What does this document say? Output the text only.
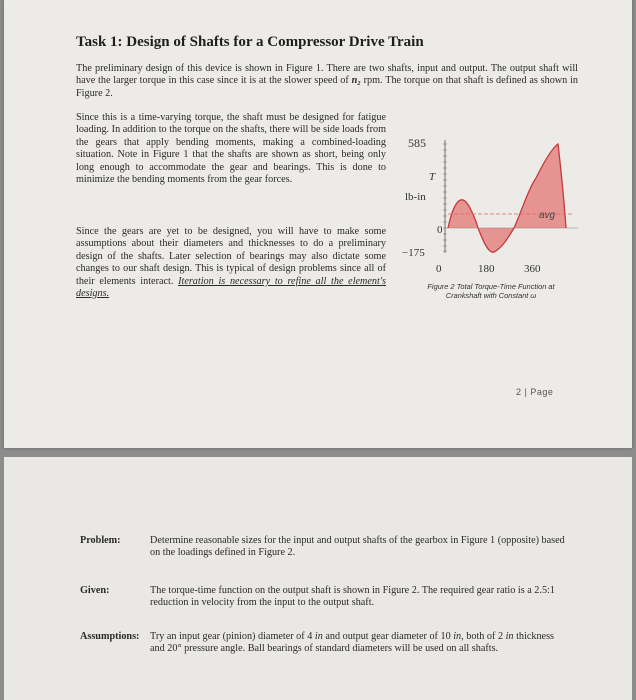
Task 1: Design of Shafts for a Compressor Drive Train
The preliminary design of this device is shown in Figure 1. There are two shafts, input and output. The output shaft will have the larger torque in this case since it is at the slower speed of n₂ rpm. The torque on that shaft is defined as shown in Figure 2.
Since this is a time-varying torque, the shaft must be designed for fatigue loading. In addition to the torque on the shafts, there will be side loads from the gears that apply bending moments, making a combined-loading situation. Note in Figure 1 that the shafts are shown as short, being only long enough to accommodate the gear and bearings. This is done to minimize the bending moments from the gear forces.
Since the gears are yet to be designed, you will have to make some assumptions about their diameters and thicknesses to do a preliminary design of the shafts. Later selection of bearings may also dictate some changes to our shaft design. This is typical of design problems since all of their elements interact. Iteration is necessary to refine all the element's designs.
585
T
lb-in
0
−175
avg
0	180	360
Figure 2 Total Torque-Time Function at
Crankshaft with Constant ω
2 | Page
Problem:	Determine reasonable sizes for the input and output shafts of the gearbox in Figure 1 (opposite) based on the loadings defined in Figure 2.
Given:	The torque-time function on the output shaft is shown in Figure 2. The required gear ratio is a 2.5:1 reduction in velocity from the input to the output shaft.
Assumptions: Try an input gear (pinion) diameter of 4 in and output gear diameter of 10 in, both of 2 in thickness and 20° pressure angle. Ball bearings of standard diameters will be used on all shafts.
